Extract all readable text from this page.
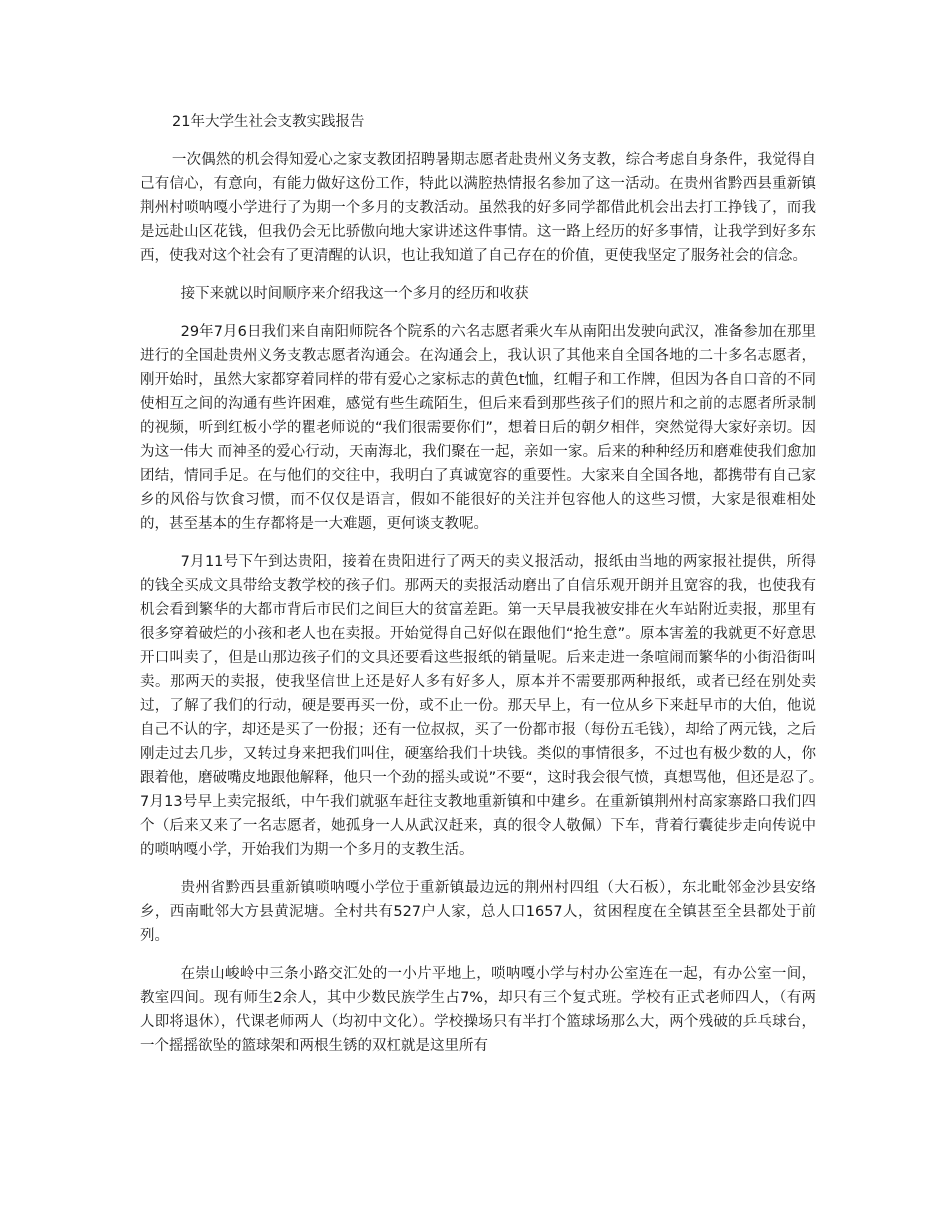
21年大学生社会支教实践报告

一次偶然的机会得知爱心之家支教团招聘暑期志愿者赴贵州义务支教，综合考虑自身条件，我觉得自己有信心，有意向，有能力做好这份工作，特此以满腔热情报名参加了这一活动。在贵州省黔西县重新镇荆州村唢呐嘎小学进行了为期一个多月的支教活动。虽然我的好多同学都借此机会出去打工挣钱了，而我是远赴山区花钱，但我仍会无比骄傲向地大家讲述这件事情。这一路上经历的好多事情，让我学到好多东西，使我对这个社会有了更清醒的认识，也让我知道了自己存在的价值，更使我坚定了服务社会的信念。

接下来就以时间顺序来介绍我这一个多月的经历和收获

29年7月6日我们来自南阳师院各个院系的六名志愿者乘火车从南阳出发驶向武汉，准备参加在那里进行的全国赴贵州义务支教志愿者沟通会。在沟通会上，我认识了其他来自全国各地的二十多名志愿者，刚开始时，虽然大家都穿着同样的带有爱心之家标志的黄色t恤，红帽子和工作牌，但因为各自口音的不同使相互之间的沟通有些许困难，感觉有些生疏陌生，但后来看到那些孩子们的照片和之前的志愿者所录制的视频，听到红板小学的瞿老师说的“我们很需要你们”，想着日后的朝夕相伴，突然觉得大家好亲切。因为这一伟大 而神圣的爱心行动，天南海北，我们聚在一起，亲如一家。后来的种种经历和磨难使我们愈加团结，情同手足。在与他们的交往中，我明白了真诚宽容的重要性。大家来自全国各地，都携带有自己家乡的风俗与饮食习惯，而不仅仅是语言，假如不能很好的关注并包容他人的这些习惯，大家是很难相处的，甚至基本的生存都将是一大难题，更何谈支教呢。

7月11号下午到达贵阳，接着在贵阳进行了两天的卖义报活动，报纸由当地的两家报社提供，所得的钱全买成文具带给支教学校的孩子们。那两天的卖报活动磨出了自信乐观开朗并且宽容的我，也使我有机会看到繁华的大都市背后市民们之间巨大的贫富差距。第一天早晨我被安排在火车站附近卖报，那里有很多穿着破烂的小孩和老人也在卖报。开始觉得自己好似在跟他们“抢生意”。原本害羞的我就更不好意思开口叫卖了，但是山那边孩子们的文具还要看这些报纸的销量呢。后来走进一条喧闹而繁华的小街沿街叫卖。那两天的卖报，使我坚信世上还是好人多有好多人，原本并不需要那两种报纸，或者已经在别处卖过，了解了我们的行动，硬是要再买一份，或不止一份。那天早上，有一位从乡下来赶早市的大伯，他说自己不认的字，却还是买了一份报；还有一位叔叔，买了一份都市报（每份五毛钱），却给了两元钱，之后刚走过去几步，又转过身来把我们叫住，硬塞给我们十块钱。类似的事情很多，不过也有极少数的人，你跟着他，磨破嘴皮地跟他解释，他只一个劲的摇头或说”不要“，这时我会很气愤，真想骂他，但还是忍了。　7月13号早上卖完报纸，中午我们就驱车赶往支教地重新镇和中建乡。在重新镇荆州村高家寨路口我们四个（后来又来了一名志愿者，她孤身一人从武汉赶来，真的很令人敬佩）下车，背着行囊徒步走向传说中的唢呐嘎小学，开始我们为期一个多月的支教生活。

贵州省黔西县重新镇唢呐嘎小学位于重新镇最边远的荆州村四组（大石板），东北毗邻金沙县安络乡，西南毗邻大方县黄泥塘。全村共有527户人家，总人口1657人，贫困程度在全镇甚至全县都处于前列。

在崇山峻岭中三条小路交汇处的一小片平地上，唢呐嘎小学与村办公室连在一起，有办公室一间，教室四间。现有师生2余人，其中少数民族学生占7%，却只有三个复式班。学校有正式老师四人，（有两人即将退休），代课老师两人（均初中文化）。学校操场只有半打个篮球场那么大，两个残破的乒乓球台，一个摇摇欲坠的篮球架和两根生锈的双杠就是这里所有
